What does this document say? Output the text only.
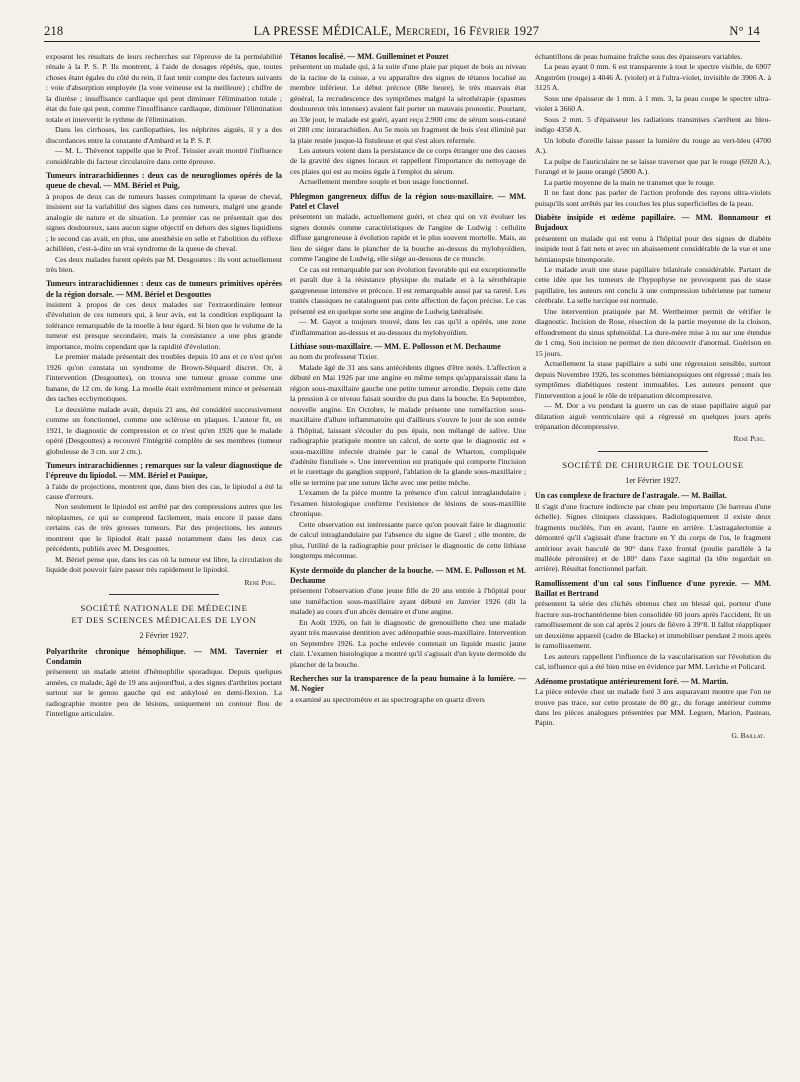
218	LA PRESSE MÉDICALE, Mercredi, 16 Février 1927	N° 14

exposent les résultats de leurs recherches sur l'épreuve de la perméabilité rénale à la P. S. P. Ils montrent, à l'aide de dosages répétés, que, toutes choses étant égales du côté du rein, il faut tenir compte des facteurs suivants : voie d'absorption employée (la voie veineuse est la meilleure) ; chiffre de la diurèse ; insuffisance cardiaque qui peut diminuer l'élimination totale ; état du foie qui peut, comme l'insuffisance cardiaque, diminuer l'élimination totale et intervertir le rythme de l'élimination.

Dans les cirrhoses, les cardiopathies, les néphrites aiguës, il y a des discordances entre la constante d'Ambard et la P. S. P.

— M. L. Thévenot rappelle que le Prof. Teissier avait montré l'influence considérable du facteur circulatoire dans cette épreuve.

Tumeurs intrarachidiennes : deux cas de neurogliomes opérés de la queue de cheval. — MM. Bériel et Puig,

à propos de deux cas de tumeurs basses comprimant la queue de cheval, insistent sur la variabilité des signes dans ces tumeurs, malgré une grande analogie de nature et de situation. Le premier cas ne présentait que des signes douloureux, sans aucun signe objectif en dehors des signes liquidiens ; le second cas avait, en plus, une anesthésie en selle et l'abolition du réflexe achilléen, c'est-à-dire un vrai syndrome de la queue de cheval.

Ces deux malades furent opérés par M. Desgouttes : ils vont actuellement très bien.

Tumeurs intrarachidiennes : deux cas de tumeurs primitives opérées de la région dorsale. — MM. Bériel et Desgouttes

insistent à propos de ces deux malades sur l'extraordinaire lenteur d'évolution de ces tumeurs qui, à leur avis, est la condition expliquant la tolérance remarquable de la moelle à leur égard. Si bien que le volume de la tumeur est presque secondaire, mais la consistance a une plus grande importance, moins cependant que la rapidité d'évolution.

Le premier malade présentait des troubles depuis 10 ans et ce n'est qu'en 1926 qu'on constata un syndrome de Brown-Séquard discret. Or, à l'intervention (Desgouttes), on trouva une tumeur grosse comme une banane, de 12 cm. de long. La moelle était extrêmement mince et présentait des taches ecchymotiques.

Le deuxième malade avait, depuis 21 ans, été considéré successivement comme un fonctionnel, comme une sclérose en plaques. L'auteur fit, en 1921, le diagnostic de compression et ce n'est qu'en 1926 que le malade opéré (Desgouttes) a recouvré l'intégrité complète de ses membres (tumeur globuleuse de 3 cm. sur 2 cm.).

Tumeurs intrarachidiennes ; remarques sur la valeur diagnostique de l'épreuve du lipiodol. — MM. Bériel et Pauique,

à l'aide de projections, montrent que, dans bien des cas, le lipiodol a été la cause d'erreurs.

Non seulement le lipiodol est arrêté par des compressions autres que les néoplasmes, ce qui se comprend facilement, mais encore il passe dans certains cas de très grosses tumeurs. Par des projections, les auteurs montrent que le lipiodol était passé notamment dans les deux cas précédents, publiés avec M. Desgouttes.

M. Bériel pense que, dans les cas où la tumeur est libre, la circulation du liquide doit pouvoir faire passer très rapidement le lipiodol.

René Puig.
SOCIÉTÉ NATIONALE DE MÉDECINE
ET DES SCIENCES MÉDICALES DE LYON
2 Février 1927.
Polyarthrite chronique hémophilique. — MM. Tavernier et Condamin

présentent un malade atteint d'hémophilie sporadique. Depuis quelques années, ce malade, âgé de 19 ans aujourd'hui, a des signes d'arthrites portant surtout sur le genou gauche qui est ankylosé en demi-flexion. La radiographie montre peu de lésions, uniquement un contour flou de l'interligne articulaire.

Tétanos localisé. — MM. Guilleminet et Pouzet

présentent un malade qui, à la suite d'une plaie par piquet de bois au niveau de la racine de la cuisse, a vu apparaître des signes de tétanos localisé au membre inférieur. Le début précoce (88e heure), le très mauvais état général, la recrudescence des symptômes malgré la sérothérapie (spasmes douloureux très intenses) avaient fait porter un mauvais pronostic. Pourtant, au 33e jour, le malade est guéri, ayant reçu 2.900 cmc de sérum sous-cutané et 280 cmc intrarachidien. Au 5e mois un fragment de bois s'est éliminé par la plaie restée jusque-là fistuleuse et qui s'est alors refermée.

Les auteurs voient dans la persistance de ce corps étranger une des causes de la gravité des signes locaux et rappellent l'importance du nettoyage de ces plaies qui est au moins égale à l'emploi du sérum.

Actuellement membre souple et bon usage fonctionnel.

Phlegmon gangreneux diffus de la région sous-maxillaire. — MM. Patel et Clavel

présentent un malade, actuellement guéri, et chez qui on vit évoluer les signes donnés comme caractéristiques de l'angine de Ludwig : cellulite diffuse gangreneuse à évolution rapide et le plus souvent mortelle. Mais, au lieu de siéger dans le plancher de la bouche au-dessus du mylohyoïdien, comme l'angine de Ludwig, elle siège au-dessous de ce muscle.

Ce cas est remarquable par son évolution favorable qui est exceptionnelle et paraît due à la résistance physique du malade et à la sérothérapie gangreneuse intensive et précoce. Il est remarquable aussi par sa rareté. Les traités classiques ne cataloguent pas cette affection de façon précise. Le cas présenté est en quelque sorte une angine de Ludwig latéralisée.

— M. Gayot a toujours trouvé, dans les cas qu'il a opérés, une zone d'inflammation au-dessus et au-dessous du mylohyoïdien.

Lithiase sous-maxillaire. — MM. E. Pollosson et M. Dechaume

au nom du professeur Tixier.

Malade âgé de 31 ans sans antécédents dignes d'être notés. L'affection a débuté en Mai 1926 par une angine en même temps qu'apparaissait dans la région sous-maxillaire gauche une petite tumeur arrondie. Depuis cette date la pression à ce niveau faisait sourdre du pus dans la bouche. En Septembre, nouvelle angine. En Octobre, le malade présente une tuméfaction sous-maxillaire d'allure inflammatoire qui d'ailleurs s'ouvre le jour de son entrée à l'hôpital, laissant s'écouler du pus épais, non mélangé de salive. Une radiographie pratiquée montre un calcul, de sorte que le diagnostic est « sous-maxillite infectée drainée par le canal de Wharton, compliquée d'adénite fistulisée ». Une intervention est pratiquée qui comporte l'incision et le curettage du ganglion suppuré, l'ablation de la glande sous-maxillaire ; elle se termine par une suture lâche avec une petite mèche.

L'examen de la pièce montre la présence d'un calcul intraglandulaire ; l'examen histologique confirme l'existence de lésions de sous-maxillite chronique.

Cette observation est intéressante parce qu'on pouvait faire le diagnostic de calcul intraglandulaire par l'absence du signe de Garel ; elle montre, de plus, l'utilité de la radiographie pour préciser le diagnostic de cette lithiase longtemps méconnue.

Kyste dermoïde du plancher de la bouche. — MM. E. Pollosson et M. Dechaume

présentent l'observation d'une jeune fille de 20 ans entrée à l'hôpital pour une tuméfaction sous-maxillaire ayant débuté en Janvier 1926 (dit la malade) au cours d'un abcès dentaire et d'une angine.

En Août 1926, on fait le diagnostic de grenouillette chez une malade ayant très mauvaise dentition avec adénopathie sous-maxillaire. Intervention en Septembre 1926. La poche enlevée contenait un liquide mastic jaune clair. L'examen histologique a montré qu'il s'agissait d'un kyste dermoïde du plancher de la bouche.

Recherches sur la transparence de la peau humaine à la lumière. — M. Nogier

a examiné au spectromètre et au spectrographe en quartz divers

échantillons de peau humaine fraîche sous des épaisseurs variables.

La peau ayant 0 mm. 6 est transparente à tout le spectre visible, de 6907 Angström (rouge) à 4046 Å. (violet) et à l'ultra-violet, invisible de 3906 A. à 3125 A.

Sous une épaisseur de 1 mm. à 1 mm. 3, la peau coupe le spectre ultra-violet à 3660 A.

Sous 2 mm. 5 d'épaisseur les radiations transmises s'arrêtent au bleu-indigo 4358 A.

Un lobule d'oreille laisse passer la lumière du rouge au vert-bleu (4700 A.).

La pulpe de l'auriculaire ne se laisse traverser que par le rouge (6920 A.), l'orangé et le jaune orangé (5800 A.).

La partie moyenne de la main ne transmet que le rouge.

Il ne faut donc pas parler de l'action profonde des rayons ultra-violets puisqu'ils sont arrêtés par les couches les plus superficielles de la peau.

Diabète insipide et œdème papillaire. — MM. Bonnamour et Bujadoux

présentent un malade qui est venu à l'hôpital pour des signes de diabète insipide tout à fait nets et avec un abaissement considérable de la vue et une hémianopsie bitemporale.

Le malade avait une stase papillaire bilatérale considérable. Partant de cette idée que les tumeurs de l'hypophyse ne provoquent pas de stase papillaire, les auteurs ont conclu à une compression tubérienne par tumeur cérébrale. La selle turcique est normale.

Une intervention pratiquée par M. Wertheimer permit de vérifier le diagnostic. Incision de Rose, résection de la partie moyenne de la cloison, effondrement du sinus sphénoïdal. La dure-mère mise à nu sur une étendue de 1 cmq. Son incision ne permet de rien découvrir d'anormal. Guérison en 15 jours.

Actuellement la stase papillaire a subi une régression sensible, surtout depuis Novembre 1926, les scotomes hémianopsiques ont régressé ; mais les symptômes diabétiques restent immuables. Les auteurs pensent que l'intervention a joué le rôle de trépanation décompressive.

— M. Dor a vu pendant la guerre un cas de stase papillaire aiguë par dilatation aiguë ventriculaire qui a régressé en quelques jours après trépanation décompressive.

René Puig.
SOCIÉTÉ DE CHIRURGIE DE TOULOUSE
1er Février 1927.
Un cas complexe de fracture de l'astragale. — M. Baillat.

Il s'agit d'une fracture indirecte par chute peu importante (3e barreau d'une échelle). Signes cliniques classiques. Radiologiquement il existe deux fragments nucléés, l'un en avant, l'autre en arrière. L'astragalectomie a démontré qu'il s'agissait d'une fracture en Y du corps de l'os, le fragment antérieur avait basculé de 90° dans l'axe frontal (poulie parallèle à la malléole péronière) et de 180° dans l'axe sagittal (la tête regardait en arrière). Résultat fonctionnel parfait.

Ramollissement d'un cal sous l'influence d'une pyrexie. — MM. Baillat et Bertrand

présentent la série des clichés obtenus chez un blessé qui, porteur d'une fracture sus-trochantérienne bien consolidée 60 jours après l'accident, fit un ramollissement de son cal après 2 jours de fièvre à 39°8. Il fallut réappliquer un deuxième appareil (cadre de Blacke) et immobiliser pendant 2 mois après le ramollissement.

Les auteurs rappellent l'influence de la vascularisation sur l'évolution du cal, influence qui a été bien mise en évidence par MM. Leriche et Policard.

Adénome prostatique antérieurement foré. — M. Martin.

La pièce enlevée chez un malade foré 3 ans auparavant montre que l'on ne trouve pas trace, sur cette prostate de 80 gr., du forage antérieur comme dans les pièces analogues présentées par MM. Leguen, Marion, Pasteau, Papin.

G. Baillat.
